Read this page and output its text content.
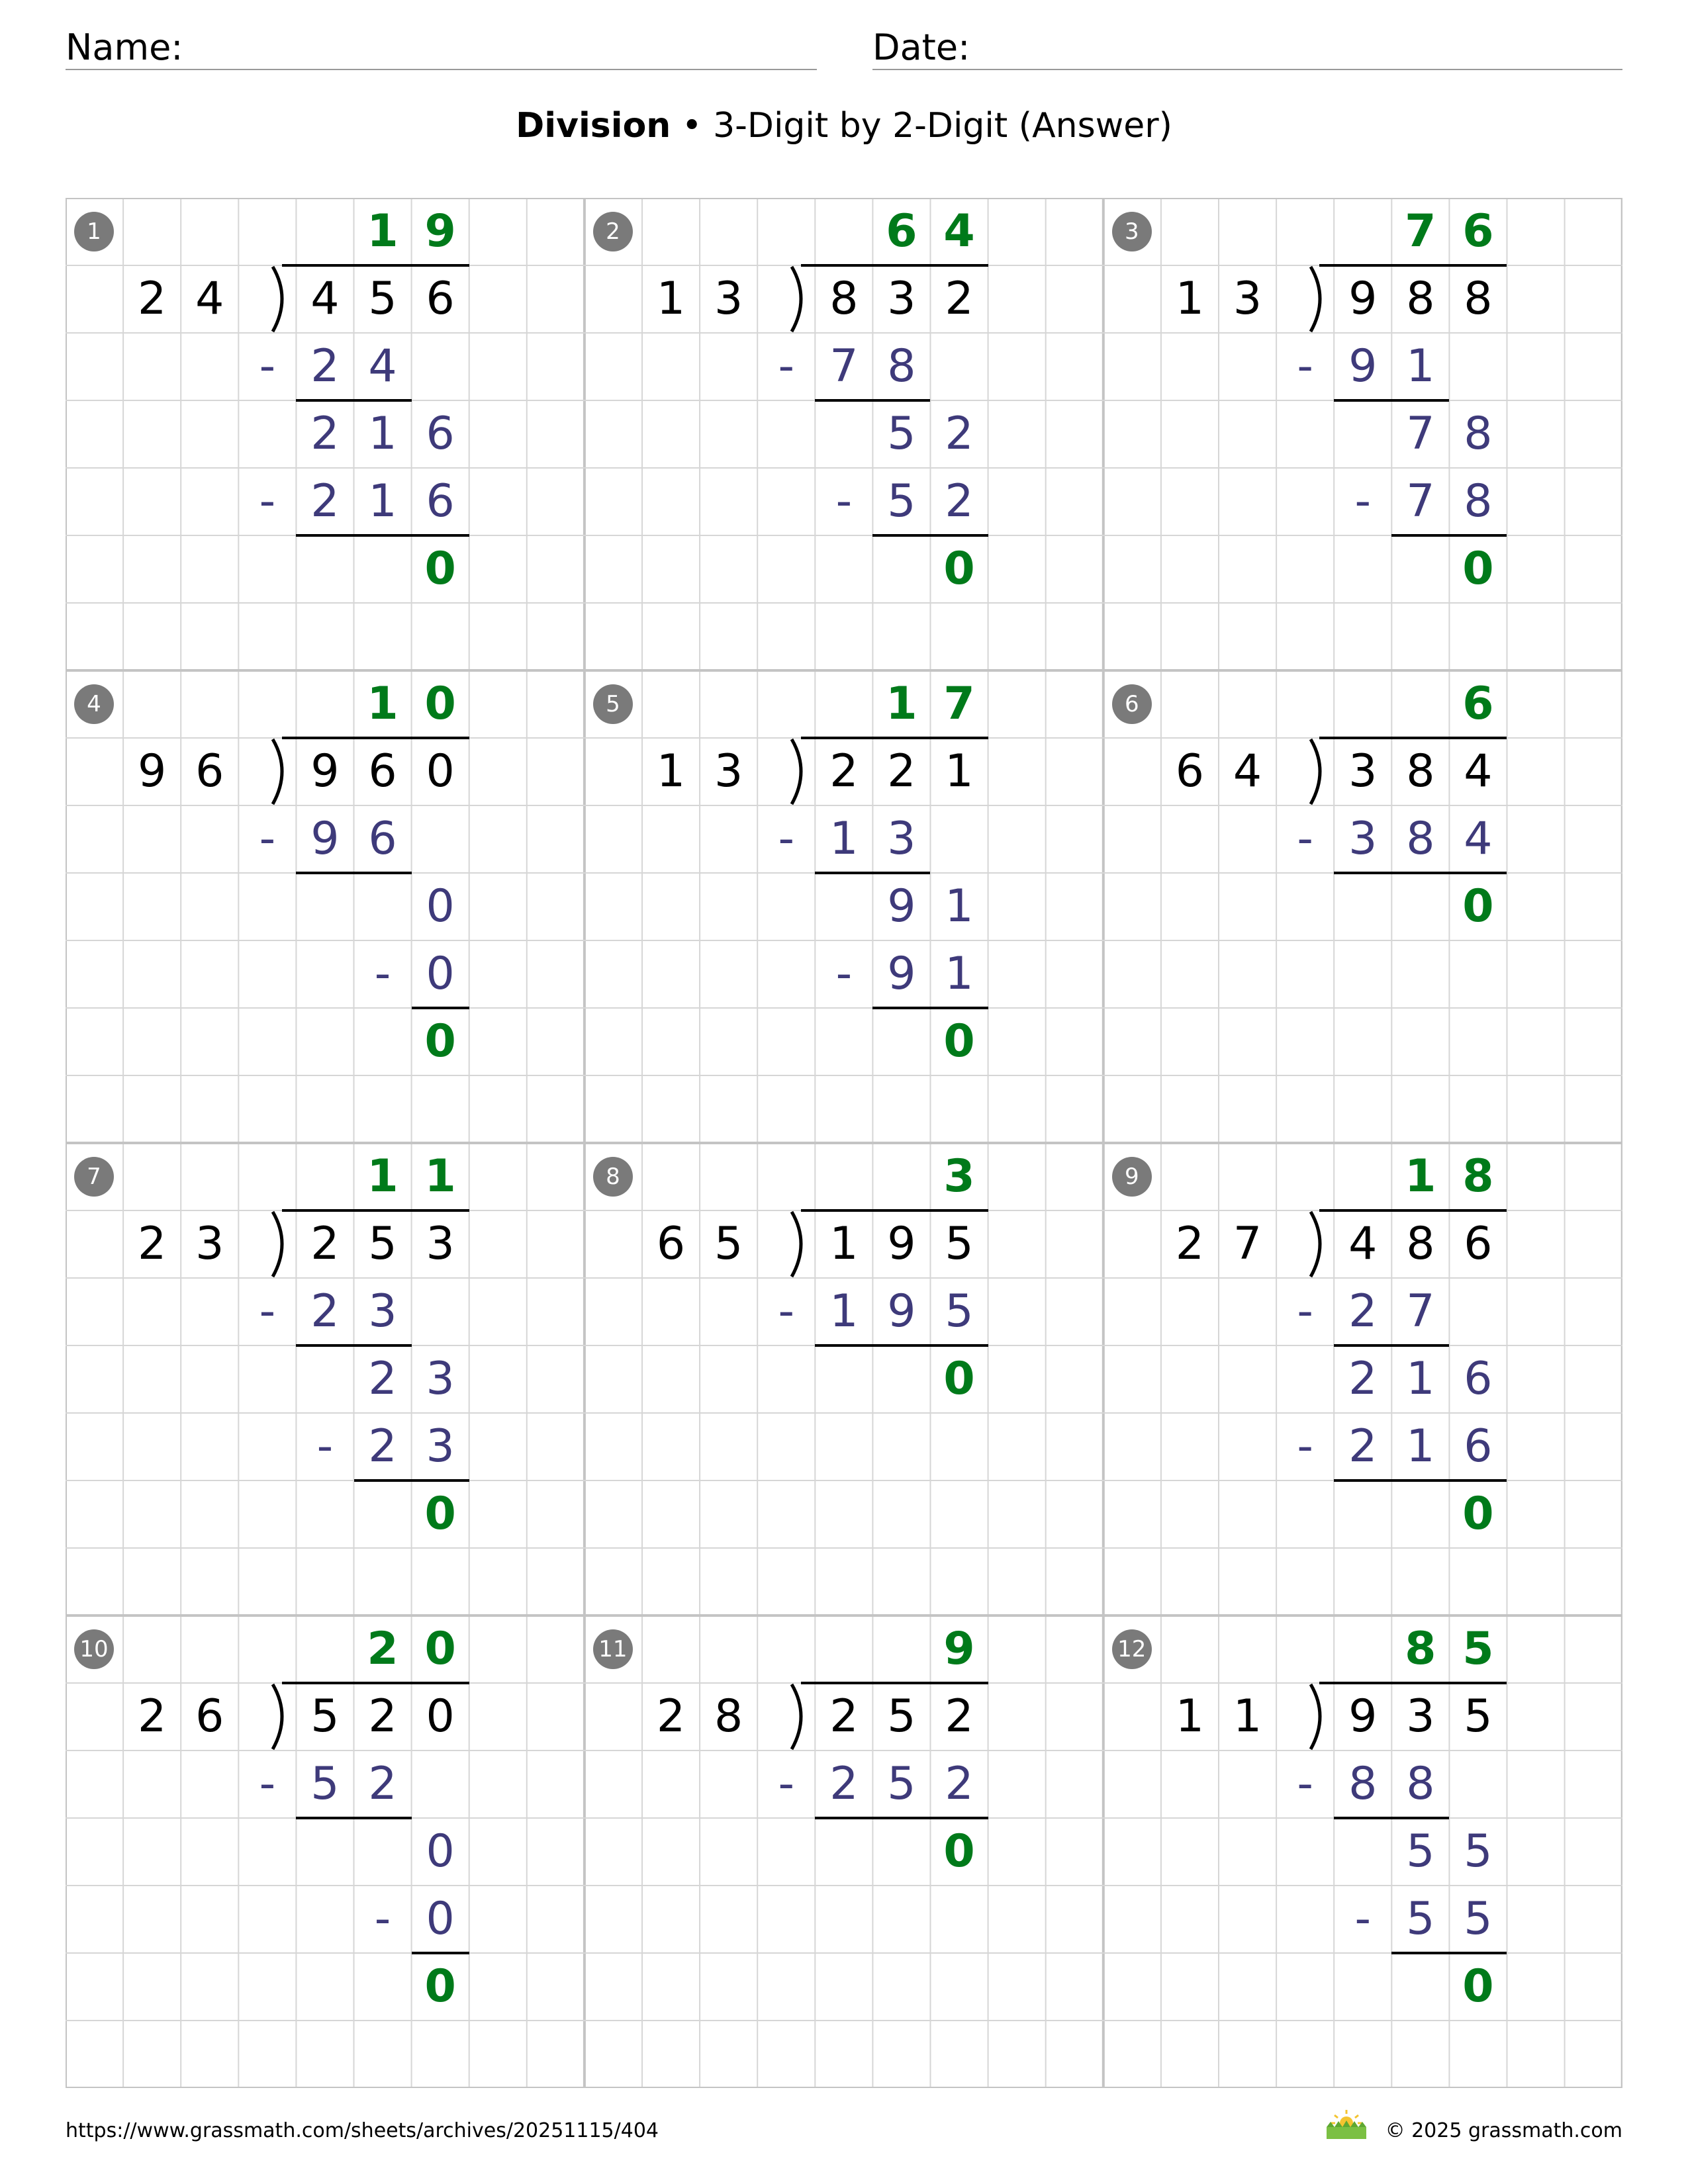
Name:	Date:
Division • 3-Digit by 2-Digit (Answer)
1	1 9
2 4	4 5 6
- 2 4
2 1 6
- 2 1 6
0
2	6 4
1 3	8 3 2
- 7 8
5 2
- 5 2
0
3	7 6
1 3	9 8 8
- 9 1
7 8
- 7 8
0
4	1 0
9 6	9 6 0
- 9 6
0
- 0
0
5	1 7
1 3	2 2 1
- 1 3
9 1
- 9 1
0
6	6
6 4	3 8 4
- 3 8 4
0
7	1 1
2 3	2 5 3
- 2 3
2 3
- 2 3
0
8	3
6 5	1 9 5
- 1 9 5
0
9	1 8
2 7	4 8 6
- 2 7
2 1 6
- 2 1 6
0
10	2 0
2 6	5 2 0
- 5 2
0
- 0
0
11	9
2 8	2 5 2
- 2 5 2
0
12	8 5
1 1	9 3 5
- 8 8
5 5
- 5 5
0
https://www.grassmath.com/sheets/archives/20251115/404	© 2025 grassmath.com
